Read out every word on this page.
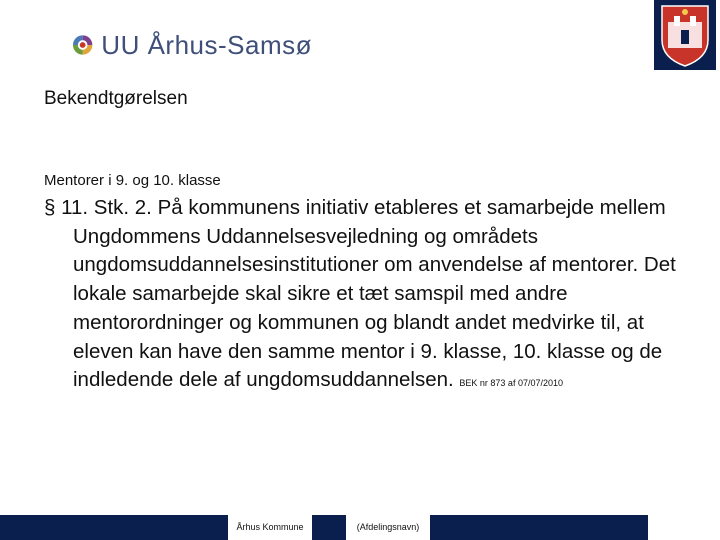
UU Århus-Samsø
Bekendtgørelsen
Mentorer i 9. og 10. klasse
§ 11. Stk. 2. På kommunens initiativ etableres et samarbejde mellem Ungdommens Uddannelsesvejledning og områdets ungdomsuddannelsesinstitutioner om anvendelse af mentorer. Det lokale samarbejde skal sikre et tæt samspil med andre mentorordninger og kommunen og blandt andet medvirke til, at eleven kan have den samme mentor i 9. klasse, 10. klasse og de indledende dele af ungdomsuddannelsen. BEK nr 873 af 07/07/2010
Århus Kommune	(Afdelingsnavn)
